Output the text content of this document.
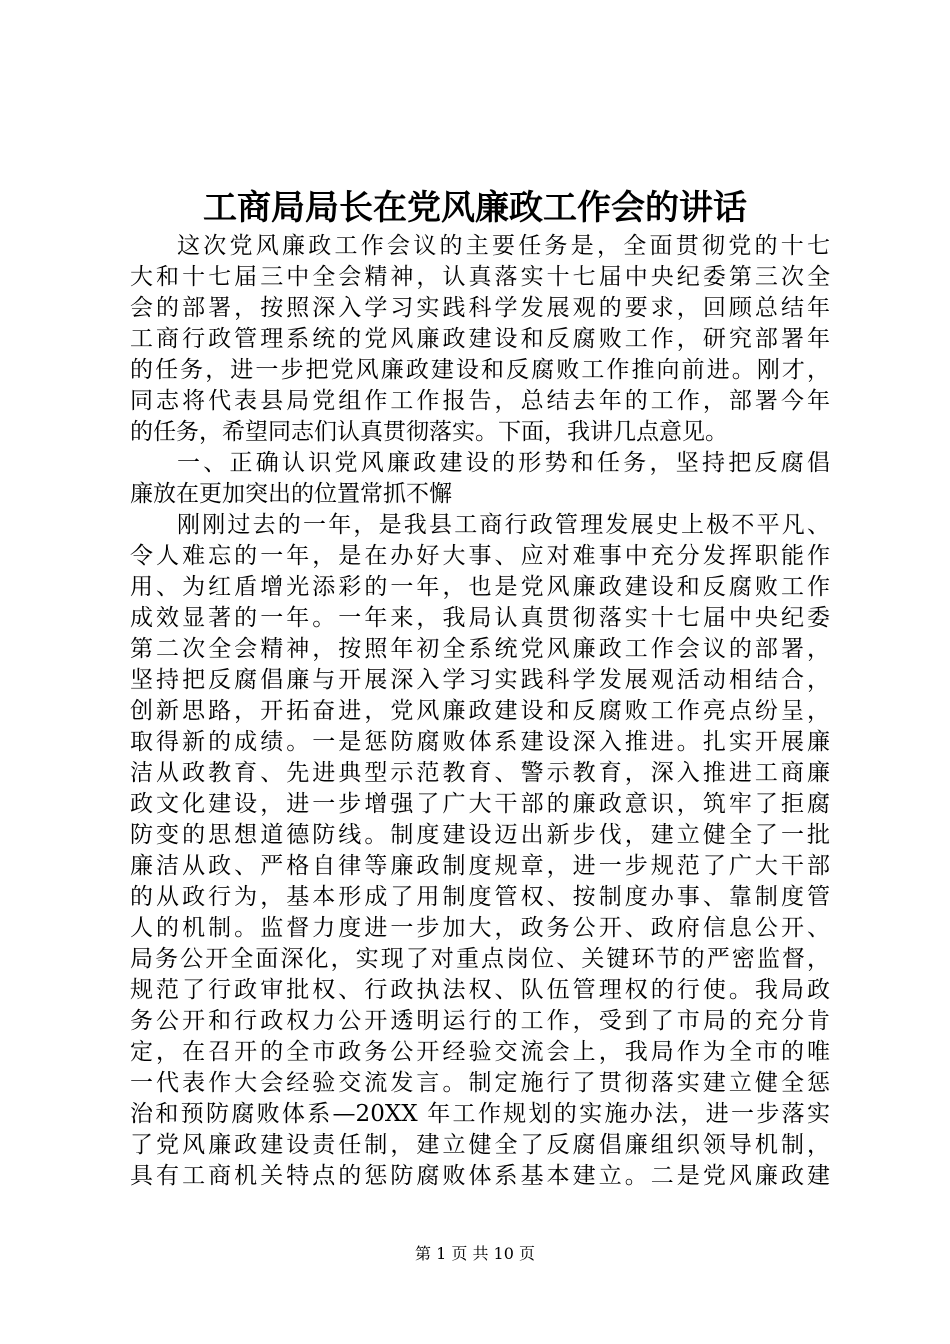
工商局局长在党风廉政工作会的讲话
这次党风廉政工作会议的主要任务是，全面贯彻党的十七
大和十七届三中全会精神，认真落实十七届中央纪委第三次全
会的部署，按照深入学习实践科学发展观的要求，回顾总结年
工商行政管理系统的党风廉政建设和反腐败工作，研究部署年
的任务，进一步把党风廉政建设和反腐败工作推向前进。刚才，
同志将代表县局党组作工作报告，总结去年的工作，部署今年
的任务，希望同志们认真贯彻落实。下面，我讲几点意见。
一、正确认识党风廉政建设的形势和任务，坚持把反腐倡
廉放在更加突出的位置常抓不懈
刚刚过去的一年，是我县工商行政管理发展史上极不平凡、
令人难忘的一年，是在办好大事、应对难事中充分发挥职能作
用、为红盾增光添彩的一年，也是党风廉政建设和反腐败工作
成效显著的一年。一年来，我局认真贯彻落实十七届中央纪委
第二次全会精神，按照年初全系统党风廉政工作会议的部署，
坚持把反腐倡廉与开展深入学习实践科学发展观活动相结合，
创新思路，开拓奋进，党风廉政建设和反腐败工作亮点纷呈，
取得新的成绩。一是惩防腐败体系建设深入推进。扎实开展廉
洁从政教育、先进典型示范教育、警示教育，深入推进工商廉
政文化建设，进一步增强了广大干部的廉政意识，筑牢了拒腐
防变的思想道德防线。制度建设迈出新步伐，建立健全了一批
廉洁从政、严格自律等廉政制度规章，进一步规范了广大干部
的从政行为，基本形成了用制度管权、按制度办事、靠制度管
人的机制。监督力度进一步加大，政务公开、政府信息公开、
局务公开全面深化，实现了对重点岗位、关键环节的严密监督，
规范了行政审批权、行政执法权、队伍管理权的行使。我局政
务公开和行政权力公开透明运行的工作，受到了市局的充分肯
定，在召开的全市政务公开经验交流会上，我局作为全市的唯
一代表作大会经验交流发言。制定施行了贯彻落实建立健全惩
治和预防腐败体系—20XX 年工作规划的实施办法，进一步落实
了党风廉政建设责任制，建立健全了反腐倡廉组织领导机制，
具有工商机关特点的惩防腐败体系基本建立。二是党风廉政建
第 1 页 共 10 页
